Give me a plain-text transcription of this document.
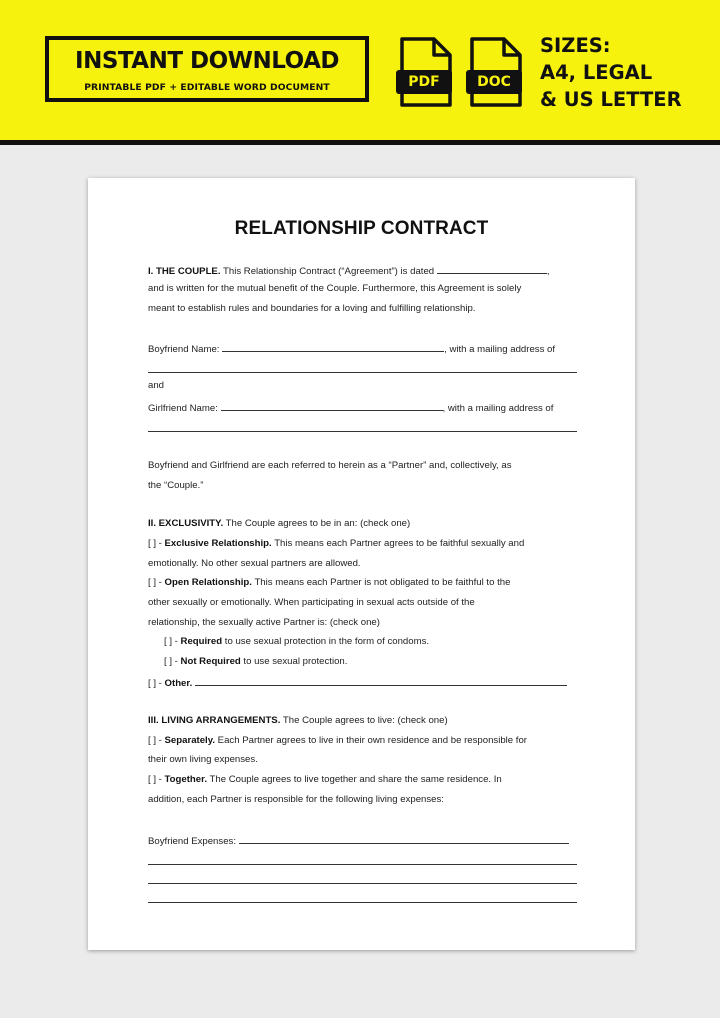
INSTANT DOWNLOAD
PRINTABLE PDF + EDITABLE WORD DOCUMENT	PDF	DOC
SIZES:
A4, LEGAL
& US LETTER
RELATIONSHIP CONTRACT
I. THE COUPLE. This Relationship Contract (“Agreement”) is dated	,
and is written for the mutual benefit of the Couple. Furthermore, this Agreement is solely
meant to establish rules and boundaries for a loving and fulfilling relationship.
Boyfriend Name:	, with a mailing address of
and
Girlfriend Name:	, with a mailing address of
Boyfriend and Girlfriend are each referred to herein as a “Partner” and, collectively, as
the “Couple.”
II. EXCLUSIVITY. The Couple agrees to be in an: (check one)
[ ] - Exclusive Relationship. This means each Partner agrees to be faithful sexually and
emotionally. No other sexual partners are allowed.
[ ] - Open Relationship. This means each Partner is not obligated to be faithful to the
other sexually or emotionally. When participating in sexual acts outside of the
relationship, the sexually active Partner is: (check one)
[ ] - Required to use sexual protection in the form of condoms.
[ ] - Not Required to use sexual protection.
[ ] - Other.
III. LIVING ARRANGEMENTS. The Couple agrees to live: (check one)
[ ] - Separately. Each Partner agrees to live in their own residence and be responsible for
their own living expenses.
[ ] - Together. The Couple agrees to live together and share the same residence. In
addition, each Partner is responsible for the following living expenses:
Boyfriend Expenses:
